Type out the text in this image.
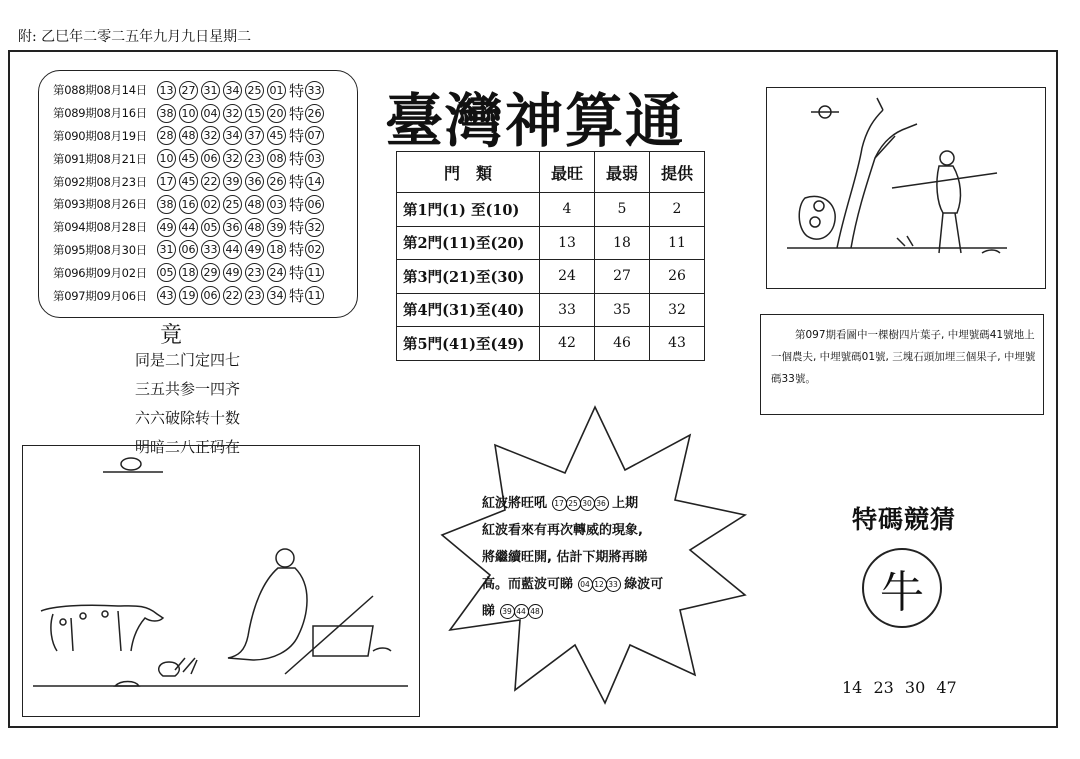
附: 乙巳年二零二五年九月九日星期二
第088期08月14日	13 27 31 34 25 01 特 33
第089期08月16日	38 10 04 32 15 20 特 26
第090期08月19日	28 48 32 34 37 45 特 07
第091期08月21日	10 45 06 32 23 08 特 03
第092期08月23日	17 45 22 39 36 26 特 14
第093期08月26日	38 16 02 25 48 03 特 06
第094期08月28日	49 44 05 36 48 39 特 32
第095期08月30日	31 06 33 44 49 18 特 02
第096期09月02日	05 18 29 49 23 24 特 11
第097期09月06日	43 19 06 22 23 34 特 11
臺灣神算通
門　類	最旺	最弱	提供
第1門(1) 至(10)	4	5	2
第2門(11)至(20)	13	18	11
第3門(21)至(30)	24	27	26
第4門(31)至(40)	33	35	32
第5門(41)至(49)	42	46	43
竟
同是二门定四七
三五共参一四齐
六六破除转十数
明暗二八正码在
第097期看圖中一棵樹四片葉子, 中埋號碼41號地上一個農夫, 中埋號碼01號, 三塊石頭加埋三個果子, 中埋號碼33號。
紅波將旺吼 17 25 30 36 上期
紅波看來有再次轉威的現象,
將繼續旺開, 估計下期將再睇
高。而藍波可睇 04 12 33 綠波可
睇 39 44 48
特碼競猜
牛
14 23 30 47
